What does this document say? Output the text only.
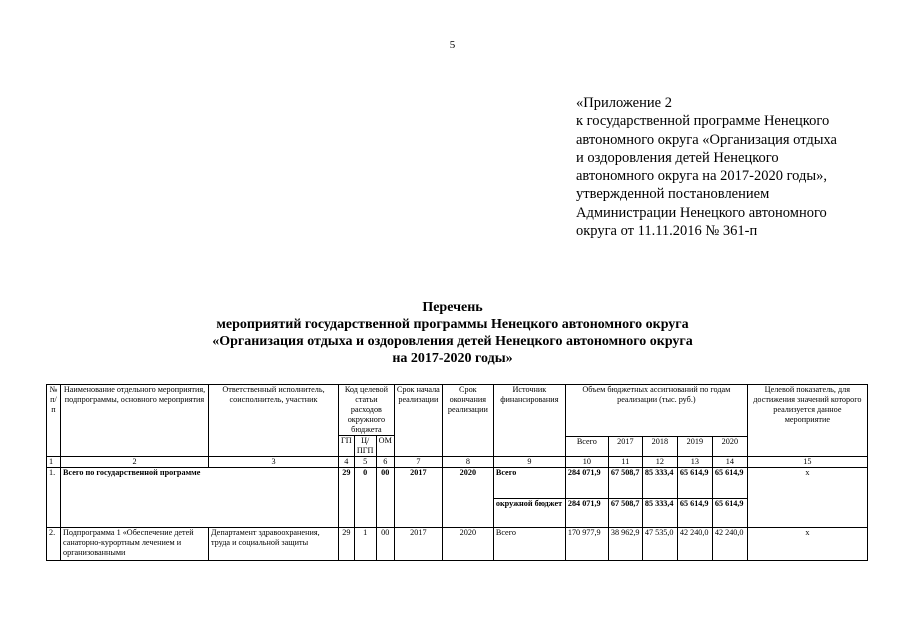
5
«Приложение 2
к государственной программе Ненецкого
автономного округа «Организация отдыха
и оздоровления детей Ненецкого
автономного округа на 2017-2020 годы»,
утвержденной постановлением
Администрации Ненецкого автономного
округа от 11.11.2016 № 361-п
Перечень
мероприятий государственной программы Ненецкого автономного округа
«Организация отдыха и оздоровления детей Ненецкого автономного округа
на 2017-2020 годы»
№ п/п	Наименование отдельного мероприятия, подпрограммы, основного мероприятия	Ответственный исполнитель, соисполнитель, участник	Код целевой статьи расходов окружного бюджета			Срок начала реализации	Срок окончания реализации	Источник финансирования	Объем бюджетных ассигнований по годам реализации (тыс. руб.)					Целевой показатель, для достижения значений которого реализуется данное мероприятие
			ГП	Ц/ПГП	ОМ									
									Всего	2017	2018	2019	2020	
1	2	3	4	5	6	7	8	9	10	11	12	13	14	15
1.	Всего по государственной программе		29	0	00	2017	2020	Всего	284 071,9	67 508,7	85 333,4	65 614,9	65 614,9	х
								окружной бюджет	284 071,9	67 508,7	85 333,4	65 614,9	65 614,9	
2.	Подпрограмма 1 «Обеспечение детей санаторно-курортным лечением и организованными	Департамент здравоохранения, труда и социальной защиты	29	1	00	2017	2020	Всего	170 977,9	38 962,9	47 535,0	42 240,0	42 240,0	х
